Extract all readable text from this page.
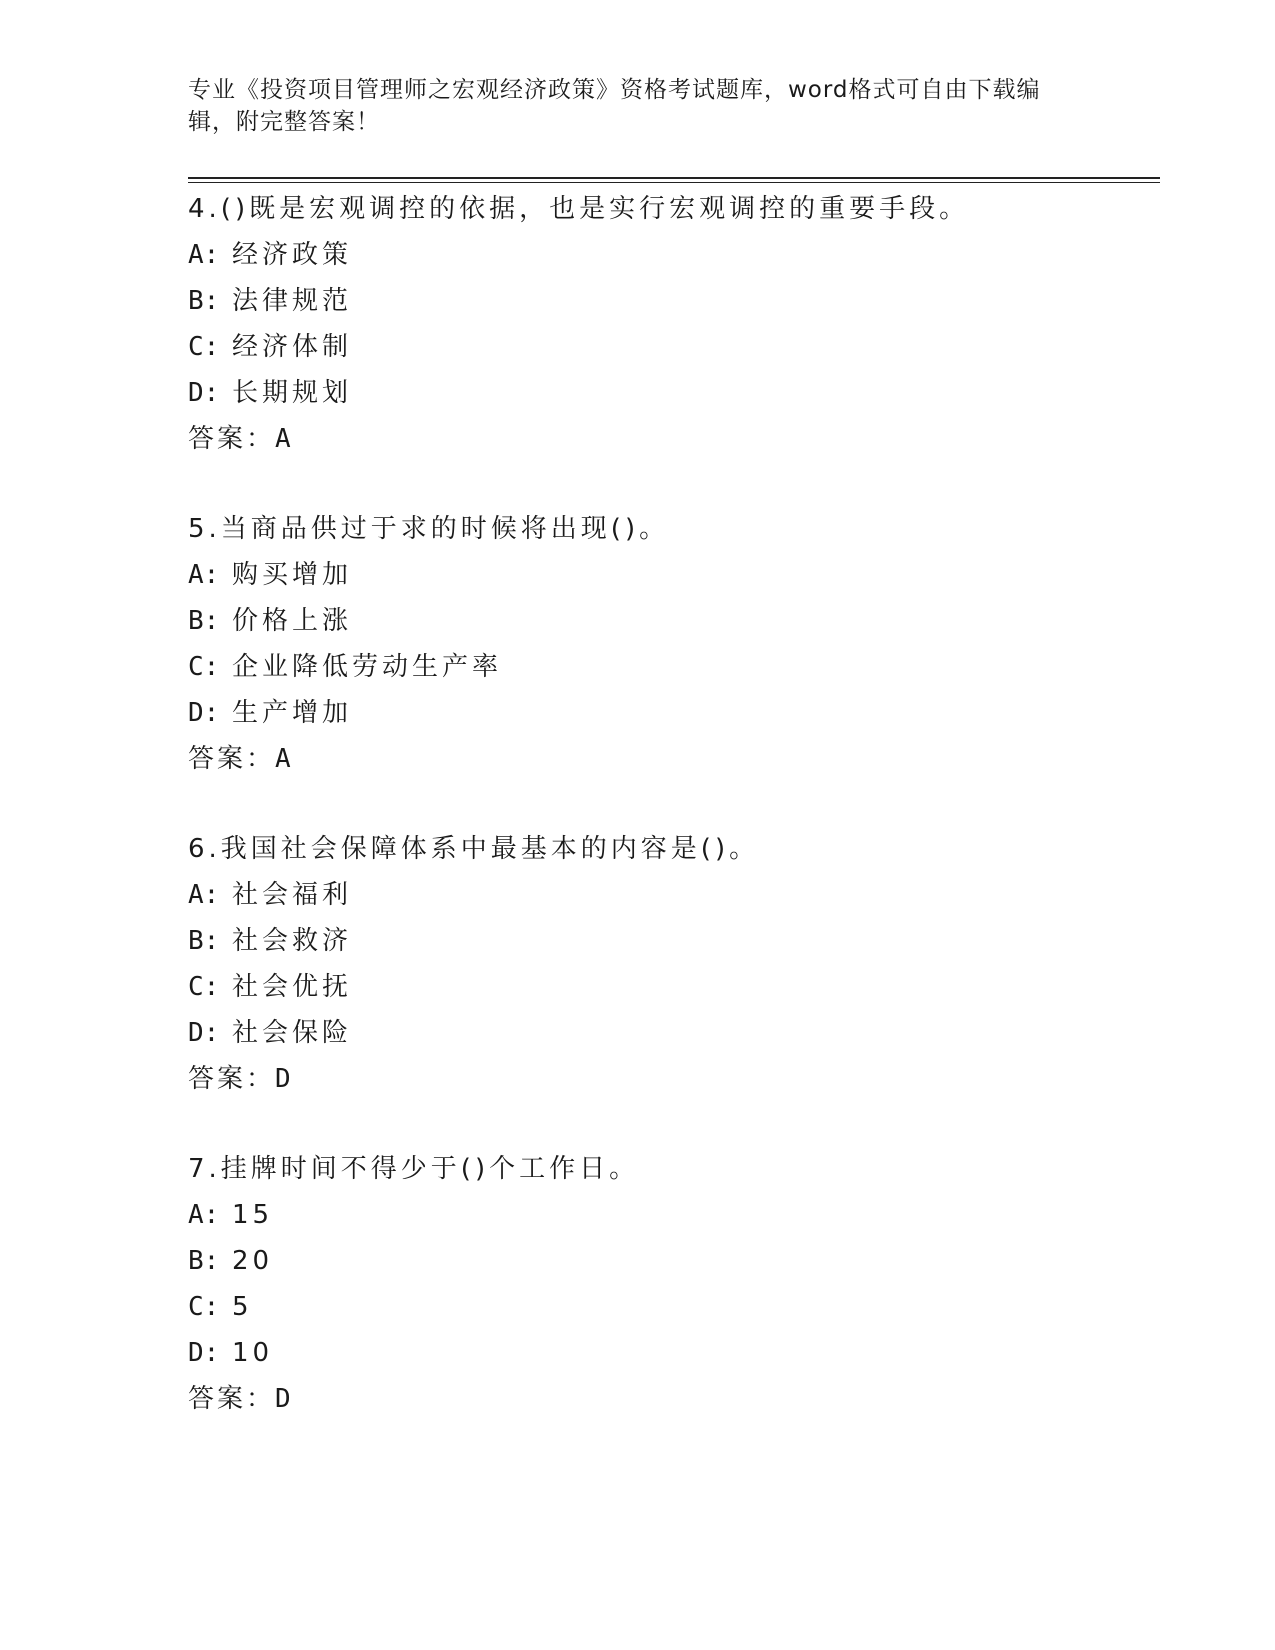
专业《投资项目管理师之宏观经济政策》资格考试题库，word格式可自由下载编辑，附完整答案！
4.()既是宏观调控的依据，也是实行宏观调控的重要手段。
A: 经济政策
B: 法律规范
C: 经济体制
D: 长期规划
答案：A
5.当商品供过于求的时候将出现()。
A: 购买增加
B: 价格上涨
C: 企业降低劳动生产率
D: 生产增加
答案：A
6.我国社会保障体系中最基本的内容是()。
A: 社会福利
B: 社会救济
C: 社会优抚
D: 社会保险
答案：D
7.挂牌时间不得少于()个工作日。
A: 15
B: 20
C: 5
D: 10
答案：D
